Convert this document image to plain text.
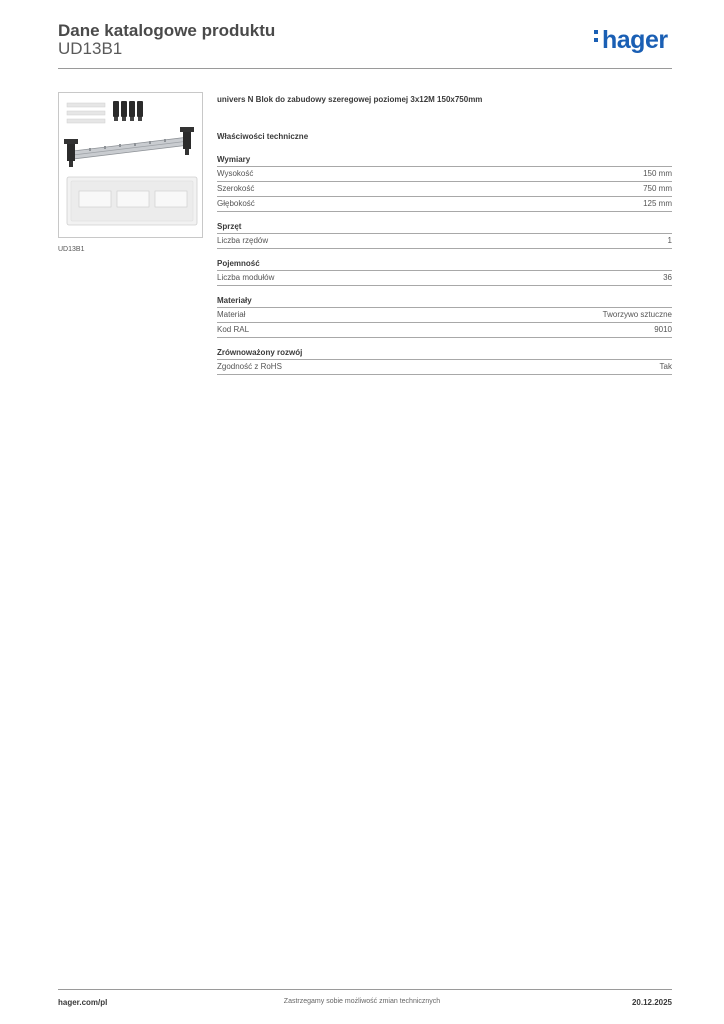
Dane katalogowe produktu
UD13B1	hager
UD13B1
univers N Blok do zabudowy szeregowej poziomej 3x12M 150x750mm
Właściwości techniczne
Wymiary
Wysokość	150 mm
Szerokość	750 mm
Głębokość	125 mm
Sprzęt
Liczba rzędów	1
Pojemność
Liczba modułów	36
Materiały
Materiał	Tworzywo sztuczne
Kod RAL	9010
Zrównoważony rozwój
Zgodność z RoHS	Tak
hager.com/pl	Zastrzegamy sobie możliwość zmian technicznych	20.12.2025
